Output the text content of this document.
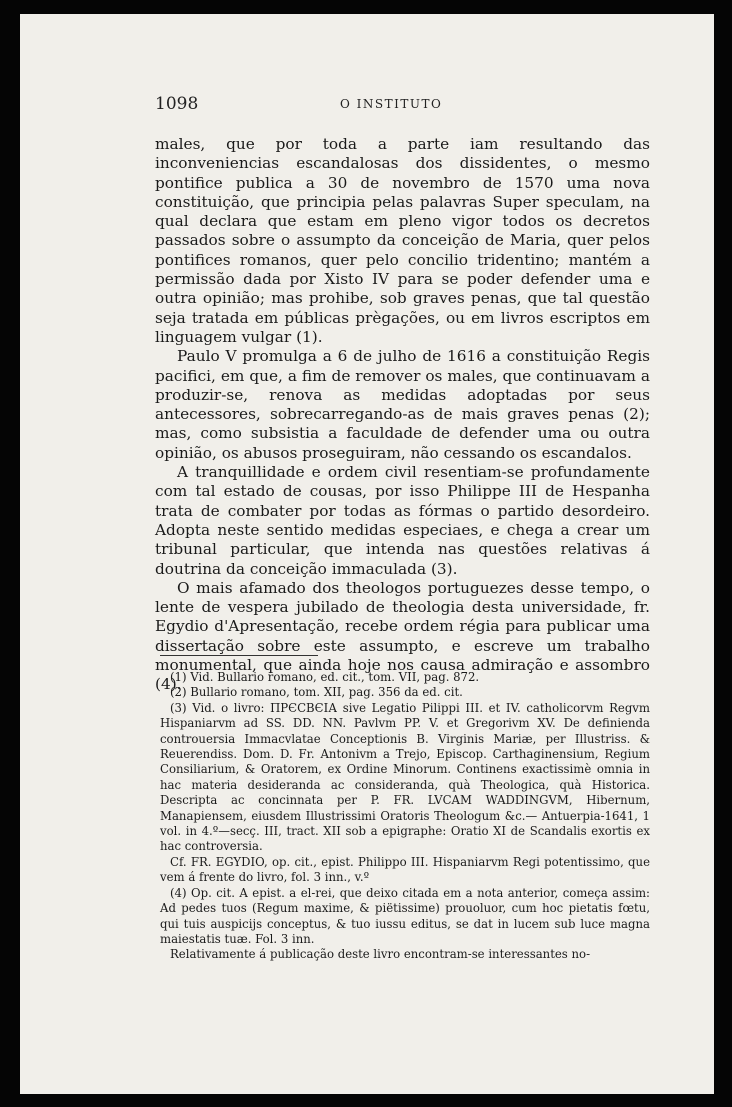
1098	O INSTITUTO

males, que por toda a parte iam resultando das inconveniencias escandalosas dos dissidentes, o mesmo pontifice publica a 30 de novembro de 1570 uma nova constituição, que principia pelas palavras Super speculam, na qual declara que estam em pleno vigor todos os decretos passados sobre o assumpto da conceição de Maria, quer pelos pontifices romanos, quer pelo concilio tridentino; mantém a permissão dada por Xisto IV para se poder defender uma e outra opinião; mas prohibe, sob graves penas, que tal questão seja tratada em públicas prègações, ou em livros escriptos em linguagem vulgar (1).

Paulo V promulga a 6 de julho de 1616 a constituição Regis pacifici, em que, a fim de remover os males, que continuavam a produzir-se, renova as medidas adoptadas por seus antecessores, sobrecarregando-as de mais graves penas (2); mas, como subsistia a faculdade de defender uma ou outra opinião, os abusos proseguiram, não cessando os escandalos.

A tranquillidade e ordem civil resentiam-se profundamente com tal estado de cousas, por isso Philippe III de Hespanha trata de combater por todas as fórmas o partido desordeiro. Adopta neste sentido medidas especiaes, e chega a crear um tribunal particular, que intenda nas questões relativas á doutrina da conceição immaculada (3).

O mais afamado dos theologos portuguezes desse tempo, o lente de vespera jubilado de theologia desta universidade, fr. Egydio d'Apresentação, recebe ordem régia para publicar uma dissertação sobre este assumpto, e escreve um trabalho monumental, que ainda hoje nos causa admiração e assombro (4).

(1) Vid. Bullario romano, ed. cit., tom. VII, pag. 872.

(2) Bullario romano, tom. XII, pag. 356 da ed. cit.

(3) Vid. o livro: ПРЄСВЄІА sive Legatio Pilippi III. et IV. catholicorvm Regvm Hispaniarvm ad SS. DD. NN. Pavlvm PP. V. et Gregorivm XV. De definienda controuersia Immacvlatae Conceptionis B. Virginis Mariæ, per Illustriss. & Reuerendiss. Dom. D. Fr. Antonivm a Trejo, Episcop. Carthaginensium, Regium Consiliarium, & Oratorem, ex Ordine Minorum. Continens exactissimè omnia in hac materia desideranda ac consideranda, quà Theologica, quà Historica. Descripta ac concinnata per P. FR. LVCAM WADDINGVM, Hibernum, Manapiensem, eiusdem Illustrissimi Oratoris Theologum &c.— Antuerpia-1641, 1 vol. in 4.º—secç. III, tract. XII sob a epigraphe: Oratio XI de Scandalis exortis ex hac controversia.

Cf. FR. EGYDIO, op. cit., epist. Philippo III. Hispaniarvm Regi potentissimo, que vem á frente do livro, fol. 3 inn., v.º

(4) Op. cit. A epist. a el-rei, que deixo citada em a nota anterior, começa assim: Ad pedes tuos (Regum maxime, & piëtissime) prouoluor, cum hoc pietatis fœtu, qui tuis auspicijs conceptus, & tuo iussu editus, se dat in lucem sub luce magna maiestatis tuæ. Fol. 3 inn.

Relativamente á publicação deste livro encontram-se interessantes no-
